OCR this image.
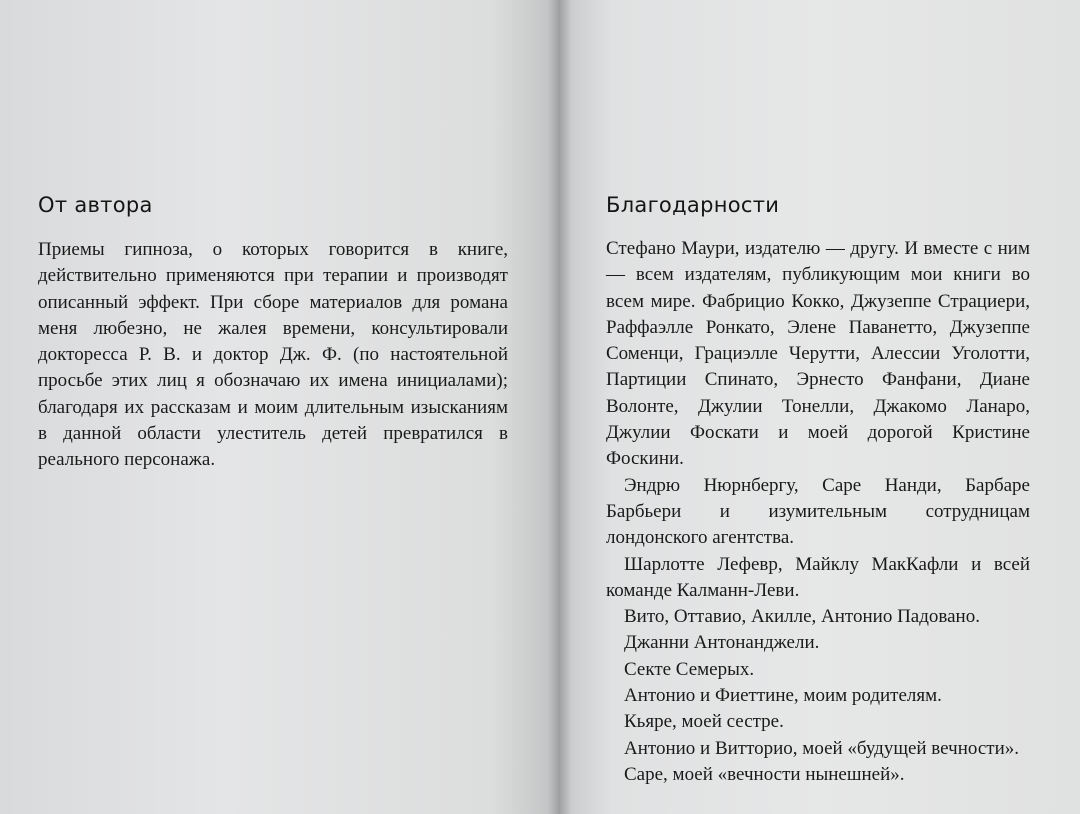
От автора

Приемы гипноза, о которых говорится в книге, действительно применяются при терапии и производят описанный эффект. При сборе материалов для романа меня любезно, не жалея времени, консультировали доктоpесса Р. В. и доктор Дж. Ф. (по настоятельной просьбе этих лиц я обозначаю их имена инициалами); благодаря их рассказам и моим длительным изысканиям в данной области улеститель детей превратился в реального персонажа.

Благодарности

Стефано Маури, издателю — другу. И вместе с ним — всем издателям, публикующим мои книги во всем мире. Фабрицио Кокко, Джузеппе Страциери, Раффаэлле Ронкато, Элене Паванетто, Джузеппе Соменци, Грациэлле Черутти, Алессии Уголотти, Партиции Спинато, Эрнесто Фанфани, Диане Волонте, Джулии Тонелли, Джакомо Ланаро, Джулии Фоскати и моей дорогой Кристине Фоскини.

Эндрю Нюрнбергу, Саре Нанди, Барбаре Барбьери и изумительным сотрудницам лондонского агентства.

Шарлотте Лефевр, Майклу МакКафли и всей команде Калманн-Леви.

Вито, Оттавио, Акилле, Антонио Падовано.

Джанни Антонанджели.

Секте Семерых.

Антонио и Фиеттине, моим родителям.

Кьяре, моей сестре.

Антонио и Витторио, моей «будущей вечности».

Саре, моей «вечности нынешней».
